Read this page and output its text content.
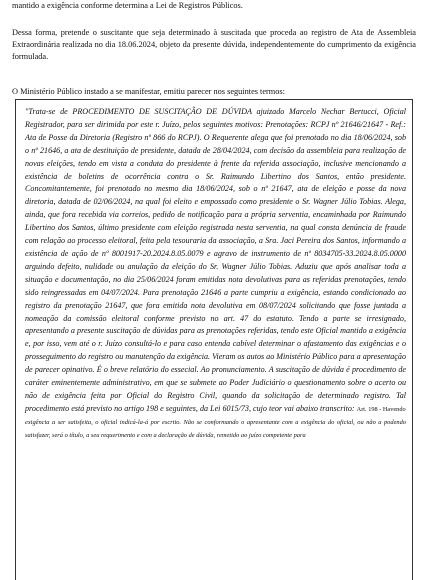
mantido a exigência conforme determina a Lei de Registros Públicos.
Dessa forma, pretende o suscitante que seja determinado à suscitada que proceda ao registro de Ata de Assembleia Extraordinária realizada no dia 18.06.2024, objeto da presente dúvida, independentemente do cumprimento da exigência formulada.
O Ministério Público instado a se manifestar, emitiu parecer nos seguintes termos:

"Trata-se de PROCEDIMENTO DE SUSCITAÇÃO DE DÚVIDA ajuizado Marcelo Nechar Bertucci, Oficial Registrador, para ser dirimida por este r. Juízo, pelos seguintes motivos: Prenotações: RCPJ nº 21646/21647 - Ref.: Ata de Posse da Diretoria (Registro nº 866 do RCPJ). O Requerente alega que foi prenotado no dia 18/06/2024, sob o nº 21646, a ata de destituição de presidente, datada de 28/04/2024, com decisão da assembleia para realização de novas eleições, tendo em vista a conduta do presidente à frente da referida associação, inclusive mencionando a existência de boletins de ocorrência contra o Sr. Raimundo Libertino dos Santos, então presidente. Concomitantemente, foi prenotado no mesmo dia 18/06/2024, sob o nº 21647, ata de eleição e posse da nova diretoria, datada de 02/06/2024, na qual foi eleito e empossado como presidente o Sr. Wagner Júlio Tobias. Alega, ainda, que fora recebida via correios, pedido de notificação para a própria serventia, encaminhada por Raimundo Libertino dos Santos, último presidente com eleição registrada nesta serventia, na qual consta denúncia de fraude com relação ao processo eleitoral, feita pela tesouraria da associação, a Sra. Jaci Pereira dos Santos, informando a existência de ação de nº 8001917-20.2024.8.05.0079 e agravo de instrumento de nº 8034705-33.2024.8.05.0000 arguindo defeito, nulidade ou anulação da eleição do Sr. Wagner Júlio Tobias. Aduziu que após analisar toda a situação e documentação, no dia 25/06/2024 foram emitidas nota devolutivas para as referidas prenotações, tendo sido reingressadas em 04/07/2024. Para prenotação 21646 a parte cumpriu a exigência, estando condicionado ao registro da prenotação 21647, que fora emitida nota devolutiva em 08/07/2024 solicitando que fosse juntada a nomeação da comissão eleitoral conforme previsto no art. 47 do estatuto. Tendo a parte se irresignado, apresentando a presente suscitação de dúvidas para as prenotações referidas, tendo este Oficial mantido a exigência e, por isso, vem até o r. Juízo consultá-lo e para caso entenda cabível determinar o afastamento das exigências e o prosseguimento do registro ou manutenção da exigência. Vieram os autos ao Ministério Público para a apresentação de parecer opinativo. É o breve relatório do essecial. Ao pronunciamento. A suscitação de dúvida é procedimento de caráter eminentemente administrativo, em que se submete ao Poder Judiciário o questionamento sobre o acerto ou não de exigência feita por Oficial do Registro Civil, quando da solicitação de determinado registro. Tal procedimento está previsto no artigo 198 e seguintes, da Lei 6015/73, cujo teor vai abaixo transcrito: Art. 198 - Havendo

exigência a ser satisfeita, o oficial indicá-la-á por escrito. Não se conformando o apresentante com a exigência do oficial, ou não a podendo satisfazer, será o título, a seu requerimento e com a declaração de dúvida, remetido ao juízo competente para
